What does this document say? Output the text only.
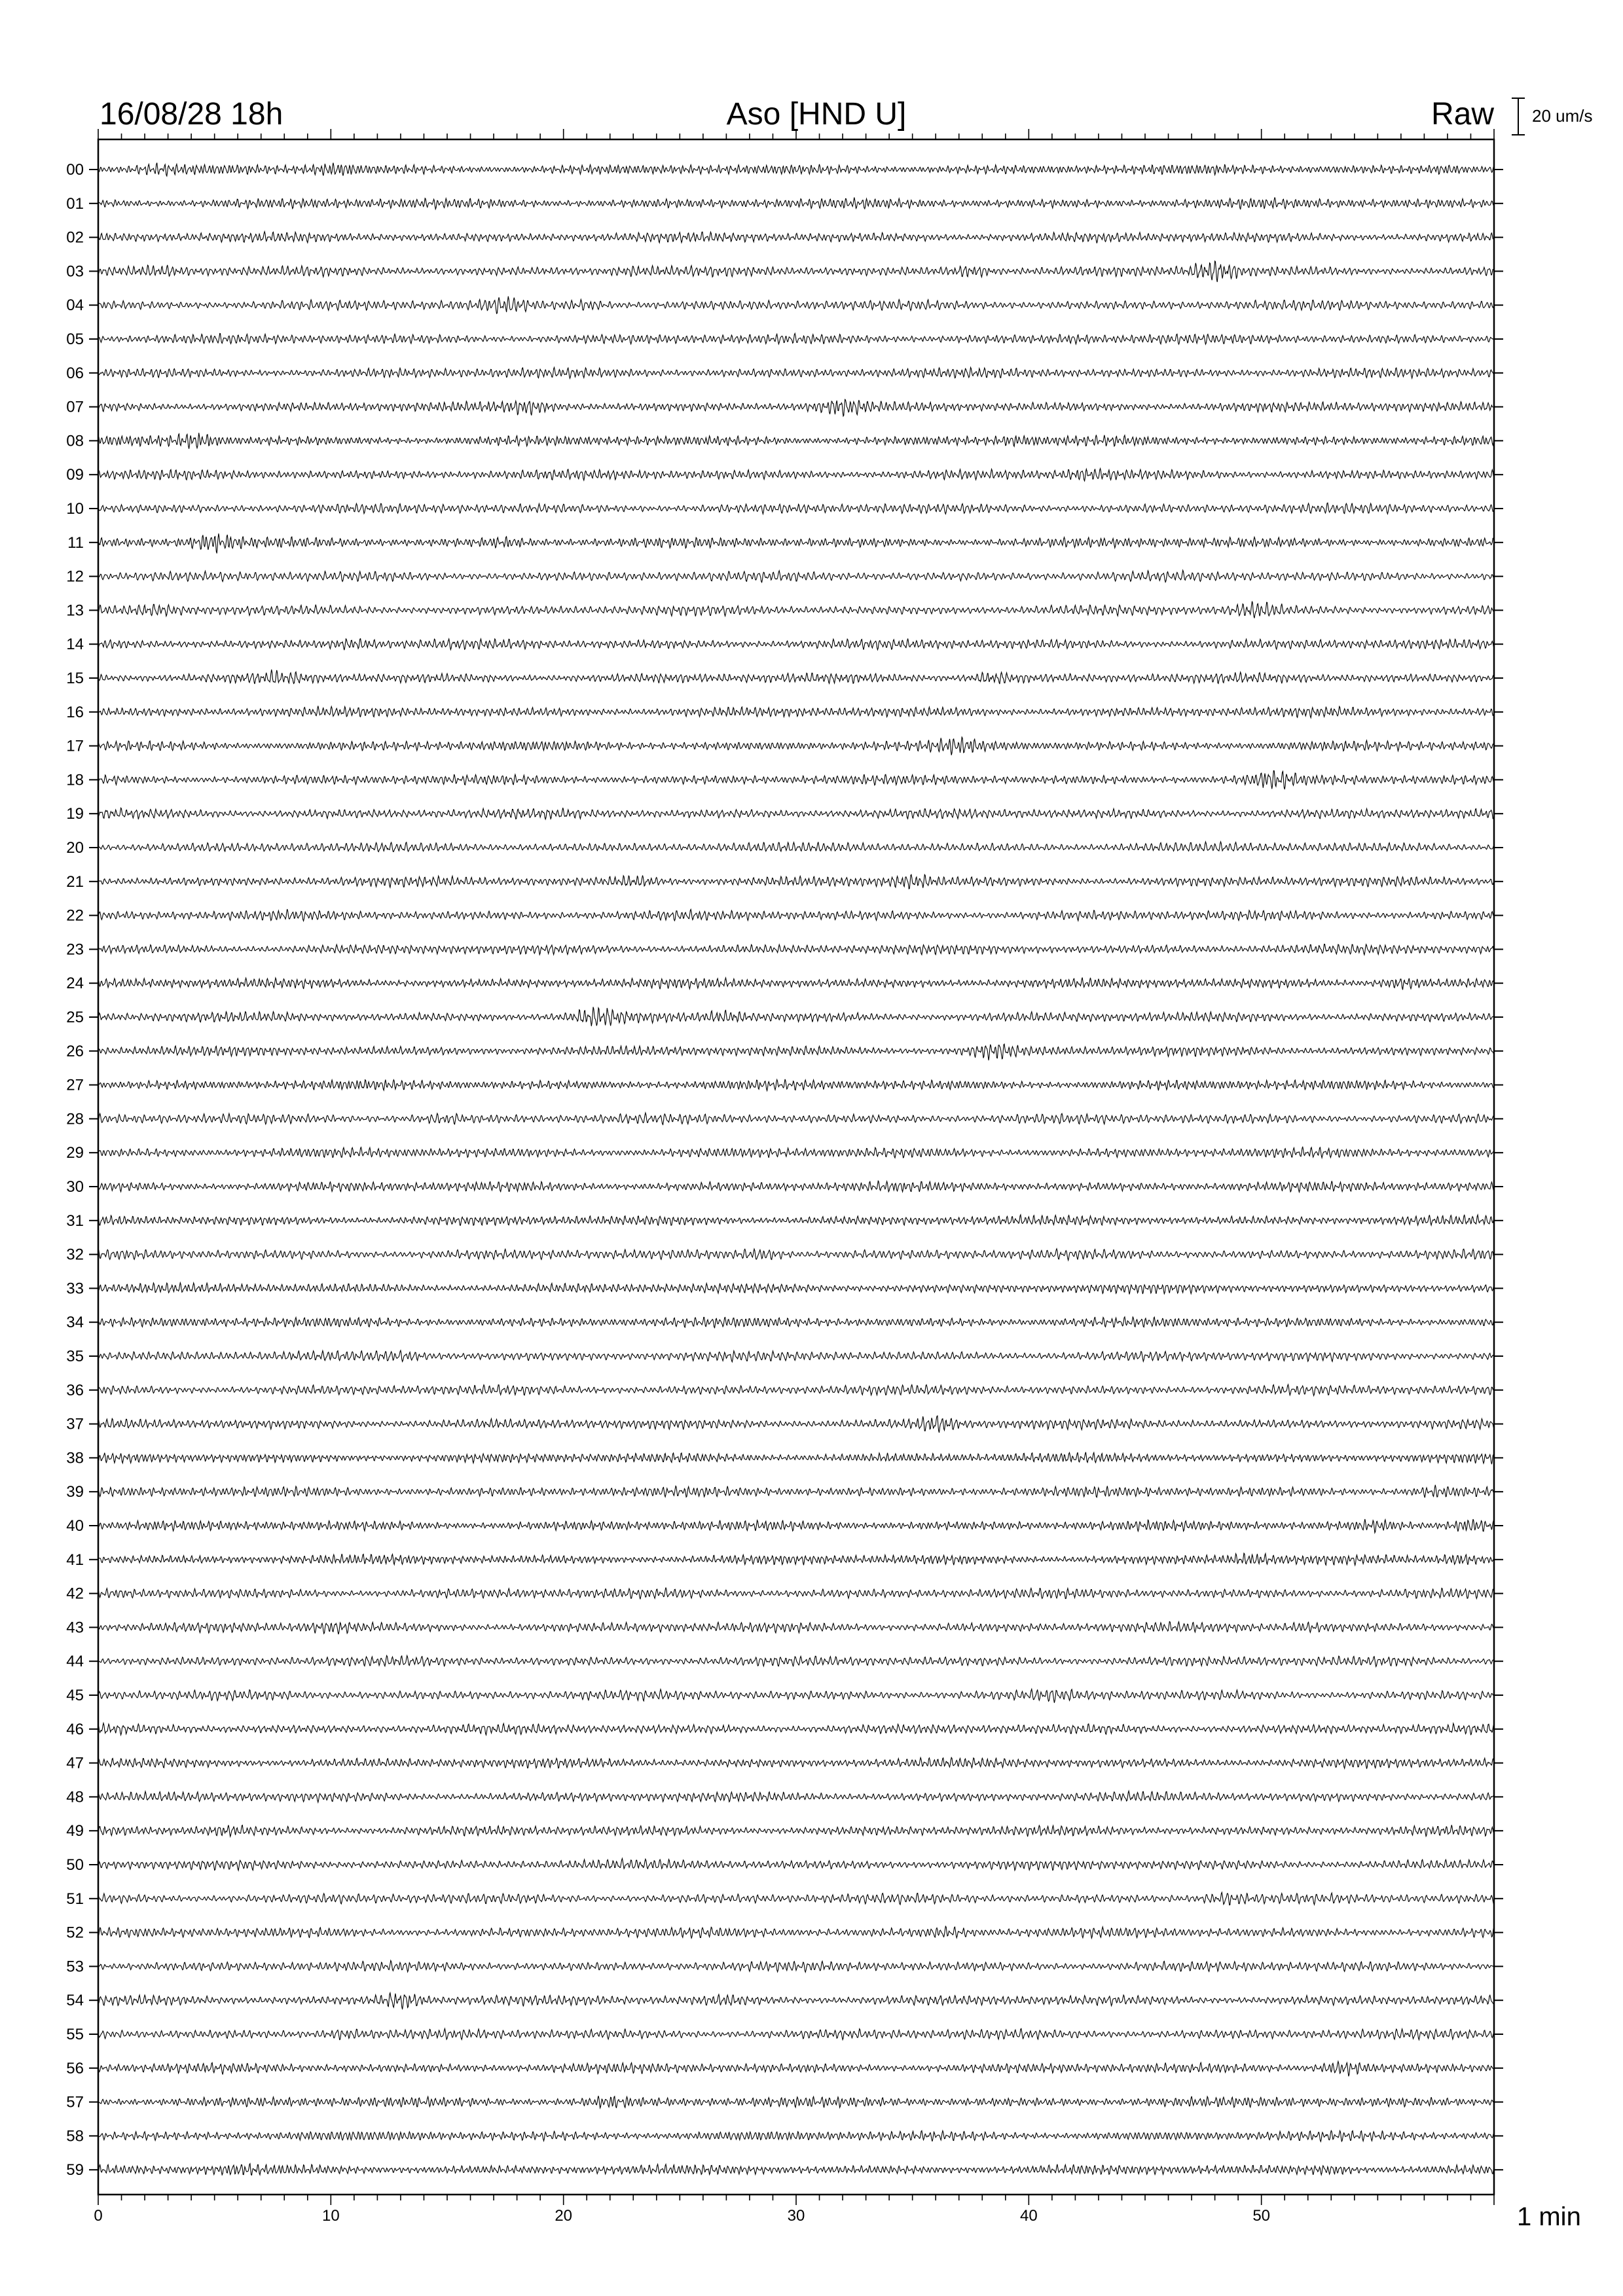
16/08/28 18h	Aso [HND U]	Raw 20 um/s
00
01
02
03
04
05
06
07
08
09
10
11
12
13
14
15
16
17
18
19
20
21
22
23
24
25
26
27
28
29
30
31
32
33
34
35
36
37
38
39
40
41
42
43
44
45
46
47
48
49
50
51
52
53
54
55
56
57
58
59
0	10	20	30	40	50	1 min
